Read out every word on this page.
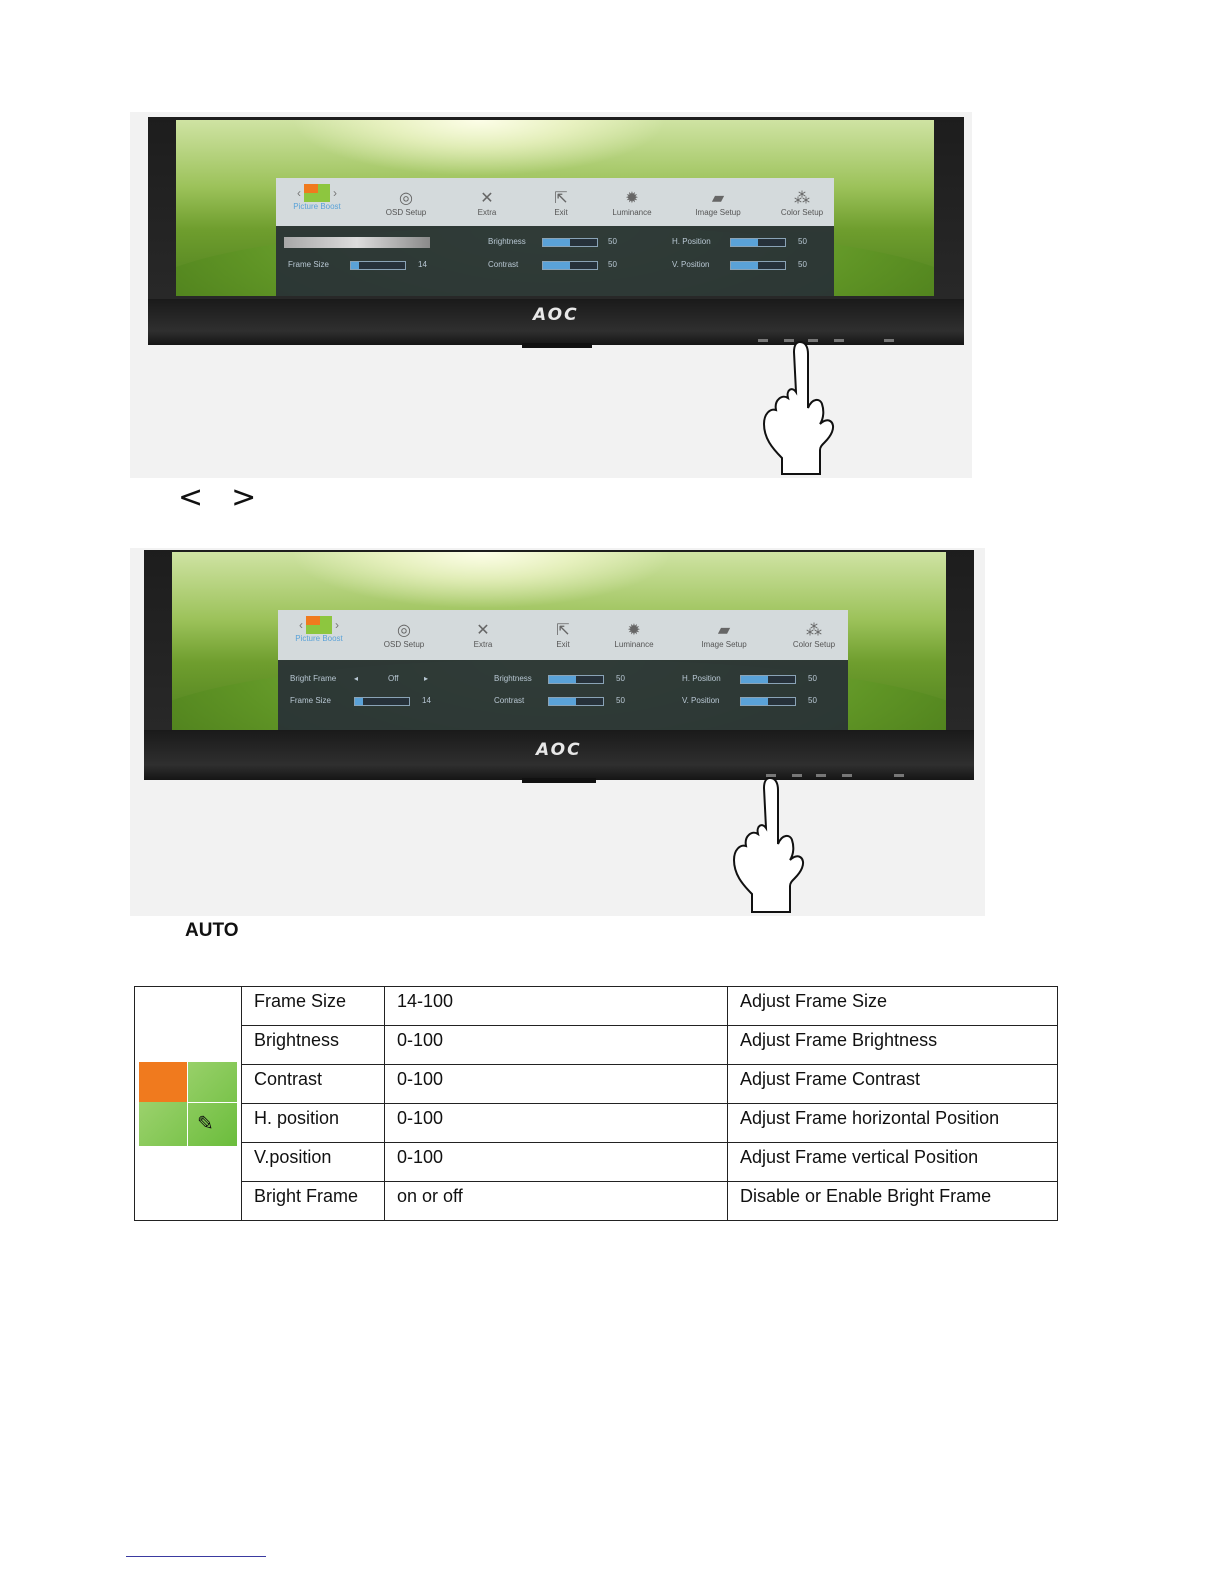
‹	›
Picture Boost	◎
OSD Setup
✕
Extra
⇱
Exit
✹
Luminance
▰
Image Setup
⁂
Color Setup
Frame Size	14
Brightness	50
Contrast	50
H. Position	50
V. Position	50
AOC
<>
‹	›
Picture Boost	◎
OSD Setup
✕
Extra
⇱
Exit
✹
Luminance
▰
Image Setup
⁂
Color Setup
Bright Frame ◂	Off	▸
Frame Size	14
Brightness	50
Contrast	50
H. Position	50
V. Position	50
AOC
AUTO
✎	Frame Size	14-100	Adjust Frame Size
	Brightness	0-100	Adjust Frame Brightness
	Contrast	0-100	Adjust Frame Contrast
	H. position	0-100	Adjust Frame horizontal Position
	V.position	0-100	Adjust Frame vertical Position
	Bright Frame	on or off	Disable or Enable Bright Frame
